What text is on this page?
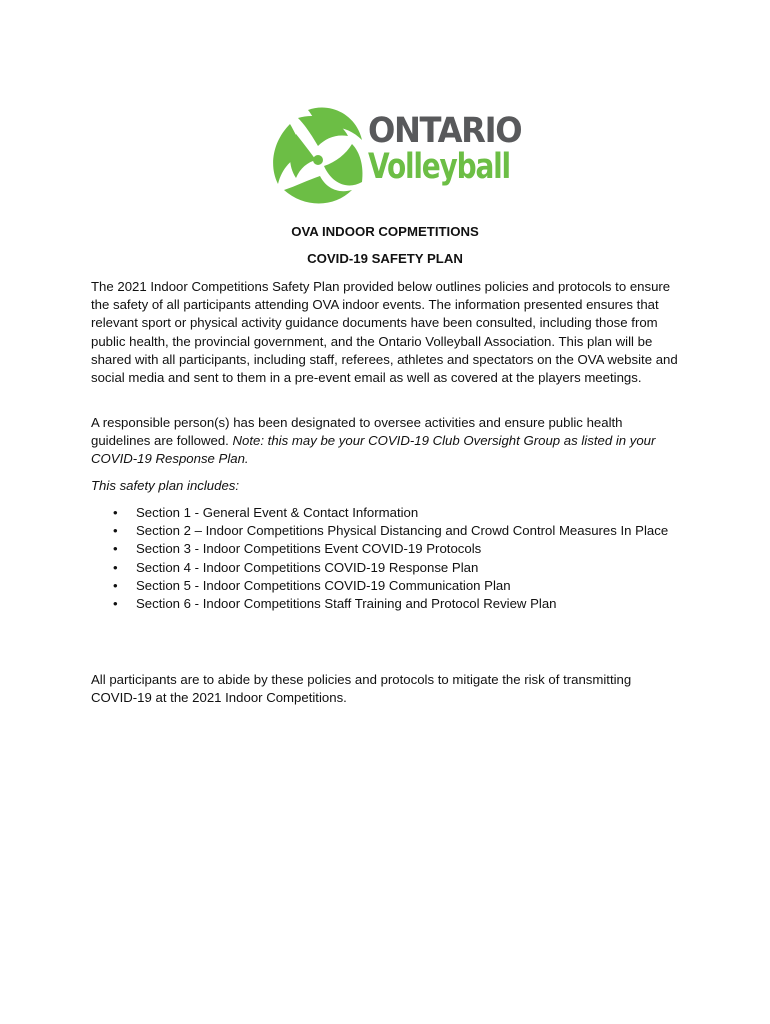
ONTARIO
Volleyball

OVA INDOOR COPMETITIONS

COVID-19 SAFETY PLAN

The 2021 Indoor Competitions Safety Plan provided below outlines policies and protocols to ensure the safety of all participants attending OVA indoor events. The information presented ensures that relevant sport or physical activity guidance documents have been consulted, including those from public health, the provincial government, and the Ontario Volleyball Association. This plan will be shared with all participants, including staff, referees, athletes and spectators on the OVA website and social media and sent to them in a pre-event email as well as covered at the players meetings.

A responsible person(s) has been designated to oversee activities and ensure public health guidelines are followed. Note: this may be your COVID-19 Club Oversight Group as listed in your COVID-19 Response Plan.

This safety plan includes:

• Section 1 - General Event & Contact Information
• Section 2 – Indoor Competitions Physical Distancing and Crowd Control Measures In Place
• Section 3 - Indoor Competitions Event COVID-19 Protocols
• Section 4 - Indoor Competitions COVID-19 Response Plan
• Section 5 - Indoor Competitions COVID-19 Communication Plan
• Section 6 - Indoor Competitions Staff Training and Protocol Review Plan

All participants are to abide by these policies and protocols to mitigate the risk of transmitting COVID-19 at the 2021 Indoor Competitions.
